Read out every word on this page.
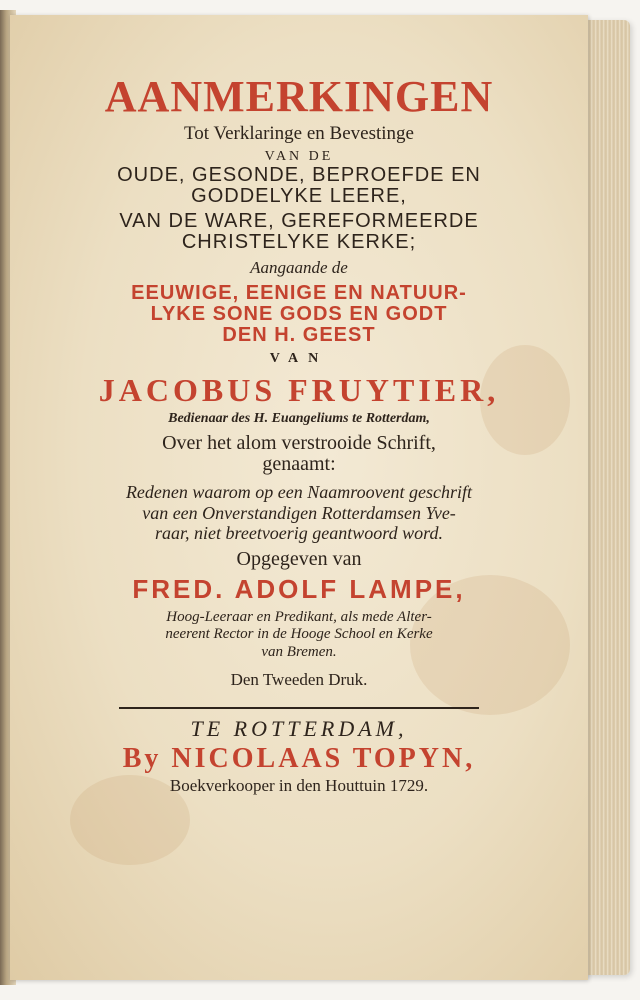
AANMERKINGEN
Tot Verklaringe en Bevestinge
VAN DE
OUDE, GESONDE, BEPROEFDE EN
GODDELYKE LEERE,
VAN DE WARE, GEREFORMEERDE
CHRISTELYKE KERKE;
Aangaande de
EEUWIGE, EENIGE EN NATUUR-
LYKE SONE GODS EN GODT
DEN H. GEEST
VAN
JACOBUS FRUYTIER,
Bedienaar des H. Euangeliums te Rotterdam,
Over het alom verstrooide Schrift,
genaamt:
Redenen waarom op een Naamroovent geschrift
van een Onverstandigen Rotterdamsen Yve-
raar, niet breetvoerig geantwoord word.
Opgegeven van
FRED. ADOLF LAMPE,
Hoog-Leeraar en Predikant, als mede Alter-
neerent Rector in de Hooge School en Kerke
van Bremen.
Den Tweeden Druk.
TE ROTTERDAM,
By NICOLAAS TOPYN,
Boekverkooper in den Houttuin 1729.
